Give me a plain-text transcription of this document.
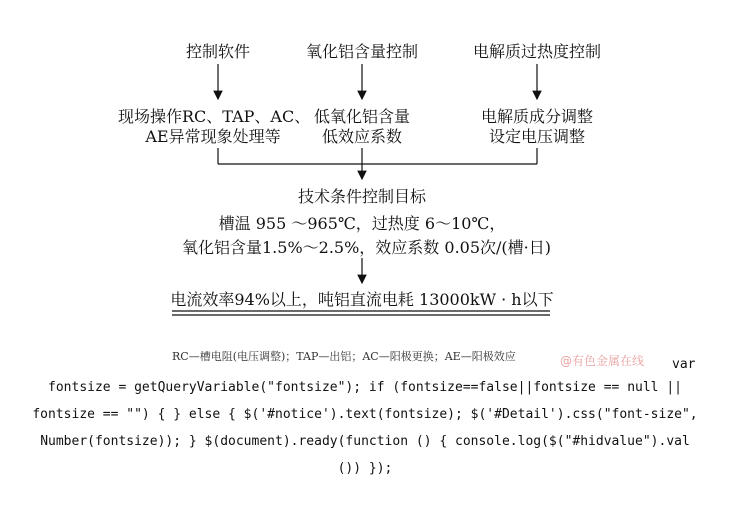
控制软件	氧化铝含量控制	电解质过热度控制
现场操作RC、TAP、AC、
AE异常现象处理等
低氧化铝含量
低效应系数
电解质成分调整
设定电压调整
技术条件控制目标
槽温 955 ～965℃，过热度 6～10℃，
氧化铝含量1.5%～2.5%，效应系数 0.05次/(槽·日)
电流效率94%以上，吨铝直流电耗 13000kW · h以下
RC—槽电阻(电压调整)；TAP—出铝；AC—阳极更换；AE—阳极效应	@有色金属在线 var
fontsize = getQueryVariable("fontsize"); if (fontsize==false||fontsize == null ||
fontsize == "") { } else { $('#notice').text(fontsize); $('#Detail').css("font-size",
Number(fontsize)); } $(document).ready(function () { console.log($("#hidvalue").val
()) });
